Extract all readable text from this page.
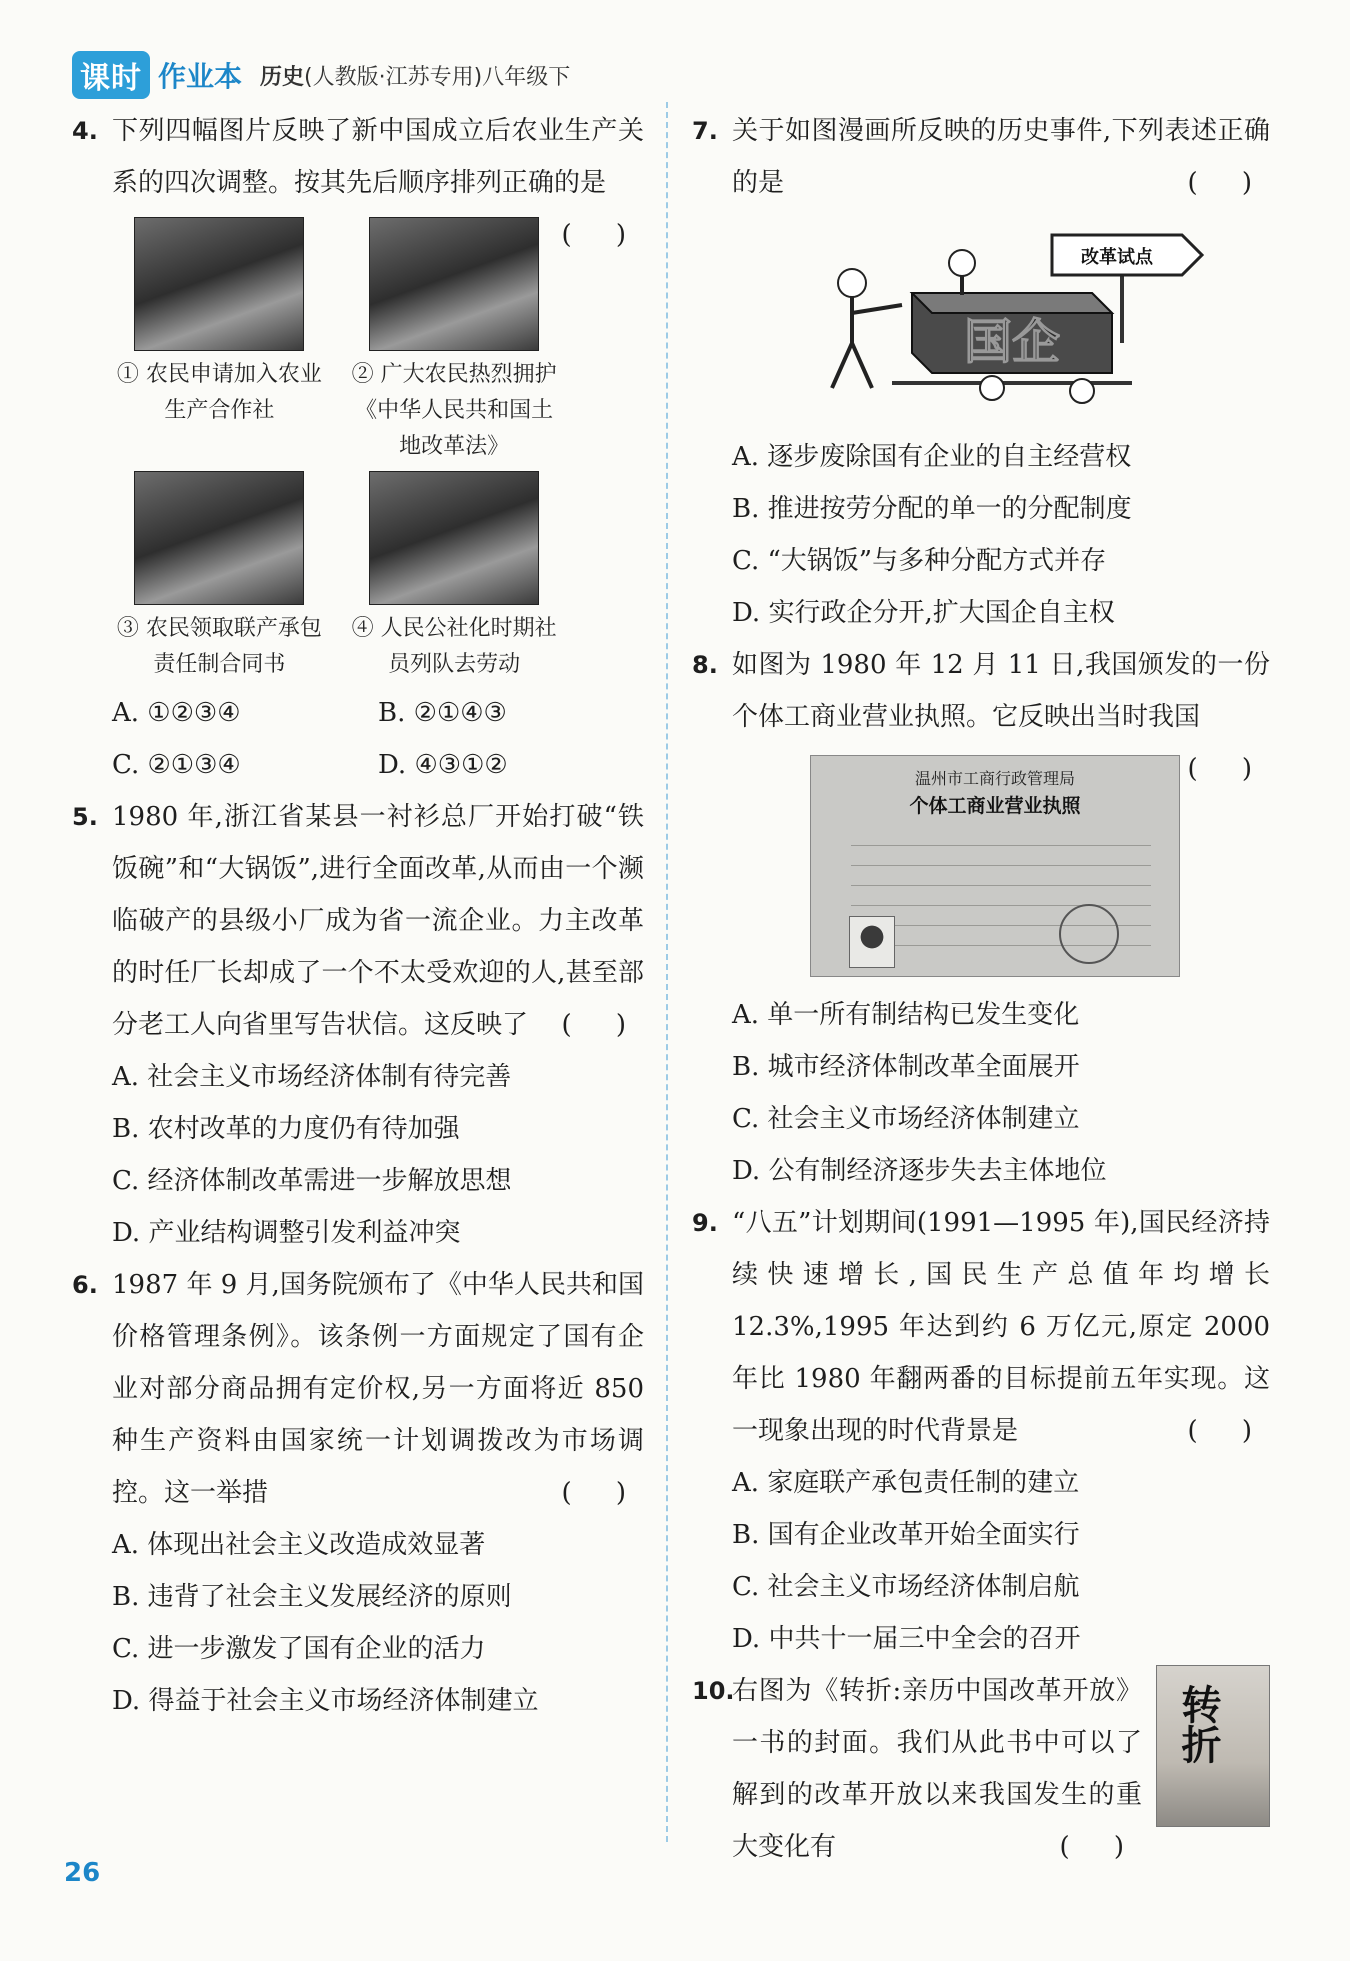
课时 作业本 历史 (人教版·江苏专用)八年级下
4. 下列四幅图片反映了新中国成立后农业生产关系的四次调整。按其先后顺序排列正确的是
( )
① 农民申请加入农业生产合作社
② 广大农民热烈拥护《中华人民共和国土地改革法》
③ 农民领取联产承包责任制合同书
④ 人民公社化时期社员列队去劳动
A. ①②③④	B. ②①④③
C. ②①③④	D. ④③①②
5. 1980 年,浙江省某县一衬衫总厂开始打破“铁饭碗”和“大锅饭”,进行全面改革,从而由一个濒临破产的县级小厂成为省一流企业。力主改革的时任厂长却成了一个不太受欢迎的人,甚至部分老工人向省里写告状信。这反映了 ( )
A. 社会主义市场经济体制有待完善
B. 农村改革的力度仍有待加强
C. 经济体制改革需进一步解放思想
D. 产业结构调整引发利益冲突
6. 1987 年 9 月,国务院颁布了《中华人民共和国价格管理条例》。该条例一方面规定了国有企业对部分商品拥有定价权,另一方面将近 850 种生产资料由国家统一计划调拨改为市场调控。这一举措	( )
A. 体现出社会主义改造成效显著
B. 违背了社会主义发展经济的原则
C. 进一步激发了国有企业的活力
D. 得益于社会主义市场经济体制建立
7. 关于如图漫画所反映的历史事件,下列表述正确的是	( )
改革试点
国企
A. 逐步废除国有企业的自主经营权
B. 推进按劳分配的单一的分配制度
C. “大锅饭”与多种分配方式并存
D. 实行政企分开,扩大国企自主权
8. 如图为 1980 年 12 月 11 日,我国颁发的一份个体工商业营业执照。它反映出当时我国
( )
温州市工商行政管理局
个体工商业营业执照
A. 单一所有制结构已发生变化
B. 城市经济体制改革全面展开
C. 社会主义市场经济体制建立
D. 公有制经济逐步失去主体地位
9. “八五”计划期间(1991—1995 年),国民经济持续快速增长,国民生产总值年均增长 12.3%,1995 年达到约 6 万亿元,原定 2000 年比 1980 年翻两番的目标提前五年实现。这一现象出现的时代背景是	( )
A. 家庭联产承包责任制的建立
B. 国有企业改革开始全面实行
C. 社会主义市场经济体制启航
D. 中共十一届三中全会的召开
转折
10.
右图为《转折:亲历中国改革开放》一书的封面。我们从此书中可以了解到的改革开放以来我国发生的重大变化有	( )
26
